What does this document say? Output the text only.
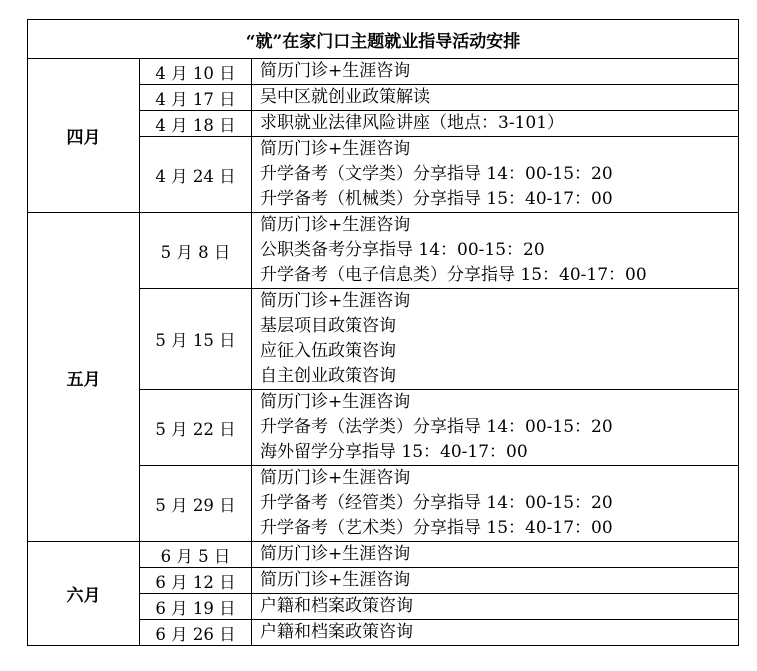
“就”在家门口主题就业指导活动安排		
四月	4 月 10 日	简历门诊+生涯咨询

	4 月 17 日	吴中区就创业政策解读

	4 月 18 日	求职就业法律风险讲座（地点：3-101）

	4 月 24 日	简历门诊+生涯咨询
升学备考（文学类）分享指导 14：00-15：20
升学备考（机械类）分享指导 15：40-17：00

五月	5 月 8 日	简历门诊+生涯咨询
公职类备考分享指导 14：00-15：20
升学备考（电子信息类）分享指导 15：40-17：00

	5 月 15 日	简历门诊+生涯咨询
基层项目政策咨询
应征入伍政策咨询
自主创业政策咨询

	5 月 22 日	简历门诊+生涯咨询
升学备考（法学类）分享指导 14：00-15：20
海外留学分享指导 15：40-17：00

	5 月 29 日	简历门诊+生涯咨询
升学备考（经管类）分享指导 14：00-15：20
升学备考（艺术类）分享指导 15：40-17：00

六月	6 月 5 日	简历门诊+生涯咨询

	6 月 12 日	简历门诊+生涯咨询

	6 月 19 日	户籍和档案政策咨询

	6 月 26 日	户籍和档案政策咨询
